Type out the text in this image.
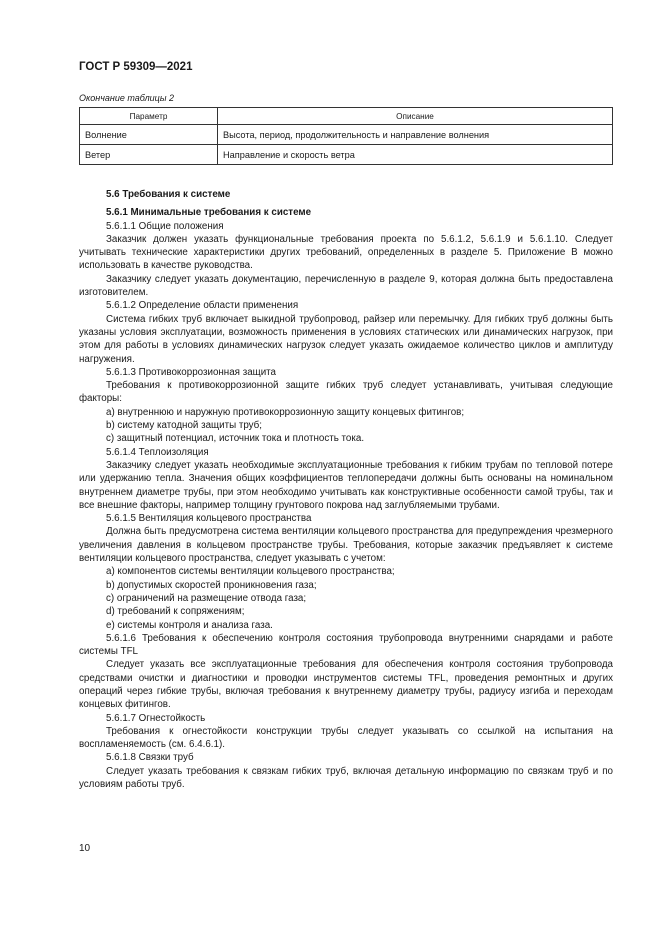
ГОСТ Р 59309—2021
Окончание таблицы 2
Параметр	Описание
Волнение	Высота, период, продолжительность и направление волнения
Ветер	Направление и скорость ветра

5.6 Требования к системе

5.6.1 Минимальные требования к системе

5.6.1.1 Общие положения

Заказчик должен указать функциональные требования проекта по 5.6.1.2, 5.6.1.9 и 5.6.1.10. Следует учитывать технические характеристики других требований, определенных в разделе 5. Приложение В можно использовать в качестве руководства.

Заказчику следует указать документацию, перечисленную в разделе 9, которая должна быть предоставлена изготовителем.

5.6.1.2 Определение области применения

Система гибких труб включает выкидной трубопровод, райзер или перемычку. Для гибких труб должны быть указаны условия эксплуатации, возможность применения в условиях статических или динамических нагрузок, при этом для работы в условиях динамических нагрузок следует указать ожидаемое количество циклов и амплитуду нагружения.

5.6.1.3 Противокоррозионная защита

Требования к противокоррозионной защите гибких труб следует устанавливать, учитывая следующие факторы:

а) внутреннюю и наружную противокоррозионную защиту концевых фитингов;

b) систему катодной защиты труб;

с) защитный потенциал, источник тока и плотность тока.

5.6.1.4 Теплоизоляция

Заказчику следует указать необходимые эксплуатационные требования к гибким трубам по тепловой потере или удержанию тепла. Значения общих коэффициентов теплопередачи должны быть основаны на номинальном внутреннем диаметре трубы, при этом необходимо учитывать как конструктивные особенности самой трубы, так и все внешние факторы, например толщину грунтового покрова над заглубляемыми трубами.

5.6.1.5 Вентиляция кольцевого пространства

Должна быть предусмотрена система вентиляции кольцевого пространства для предупреждения чрезмерного увеличения давления в кольцевом пространстве трубы. Требования, которые заказчик предъявляет к системе вентиляции кольцевого пространства, следует указывать с учетом:

а) компонентов системы вентиляции кольцевого пространства;

b) допустимых скоростей проникновения газа;

с) ограничений на размещение отвода газа;

d) требований к сопряжениям;

е) системы контроля и анализа газа.

5.6.1.6 Требования к обеспечению контроля состояния трубопровода внутренними снарядами и работе системы TFL

Следует указать все эксплуатационные требования для обеспечения контроля состояния трубопровода средствами очистки и диагностики и проводки инструментов системы TFL, проведения ремонтных и других операций через гибкие трубы, включая требования к внутреннему диаметру трубы, радиусу изгиба и переходам концевых фитингов.

5.6.1.7 Огнестойкость

Требования к огнестойкости конструкции трубы следует указывать со ссылкой на испытания на воспламеняемость (см. 6.4.6.1).

5.6.1.8 Связки труб

Следует указать требования к связкам гибких труб, включая детальную информацию по связкам труб и по условиям работы труб.

10
